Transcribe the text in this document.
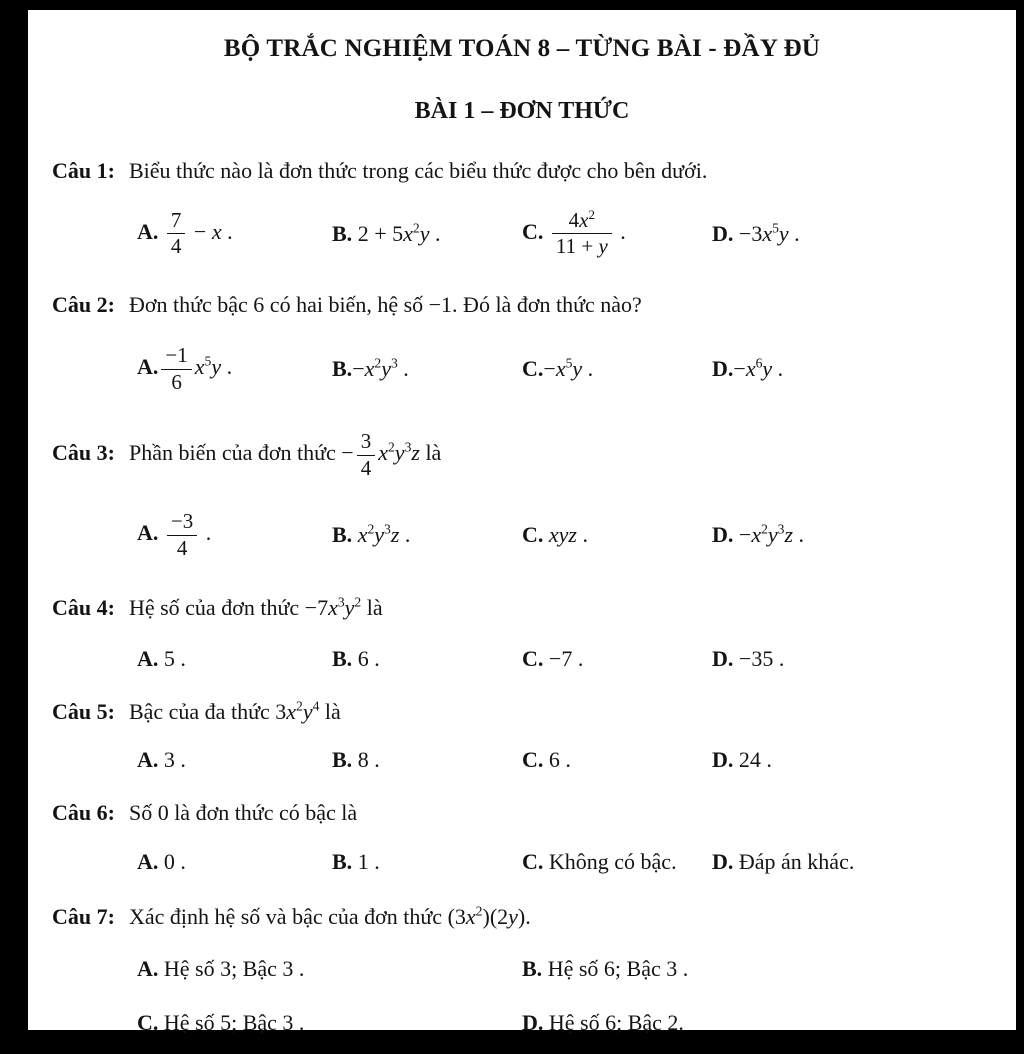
BỘ TRẮC NGHIỆM TOÁN 8 – TỪNG BÀI - ĐẦY ĐỦ
BÀI 1 – ĐƠN THỨC
Câu 1: Biểu thức nào là đơn thức trong các biểu thức được cho bên dưới.
A. $\frac{7}{4} - x$ .	B. $2 + 5x^2y$ .	C. $\frac{4x^2}{11 + y}$ .	D. $-3x^5y$ .
Câu 2: Đơn thức bậc 6 có hai biến, hệ số −1. Đó là đơn thức nào?
A. $\frac{-1}{6} x^5y$ .	$B.-x^2y^3$ .	$C.-x^5y$ .	$D.-x^6y$ .
Câu 3: Phần biến của đơn thức − $\frac{3}{4} x^2y^3z$ là
A. $\frac{-3}{4}$ .	B. $x^2y^3z$ .	C. xyz .	D. $-x^2y^3z$ .
Câu 4: Hệ số của đơn thức $-7x^3y^2$ là
A. 5 .	B. 6 .	C. −7 .	D. −35 .
Câu 5: Bậc của đa thức $3x^2y^4$ là
A. 3 .	B. 8 .	C. 6 .	D. 24 .
Câu 6: Số 0 là đơn thức có bậc là
A. 0 .	B. 1 .	C. Không có bậc.	D. Đáp án khác.
Câu 7: Xác định hệ số và bậc của đơn thức $(3x^2)(2y)$.
A. Hệ số 3; Bậc 3 .	B. Hệ số 6; Bậc 3 .
C. Hệ số 5; Bậc 3 .	D. Hệ số 6; Bậc 2.
